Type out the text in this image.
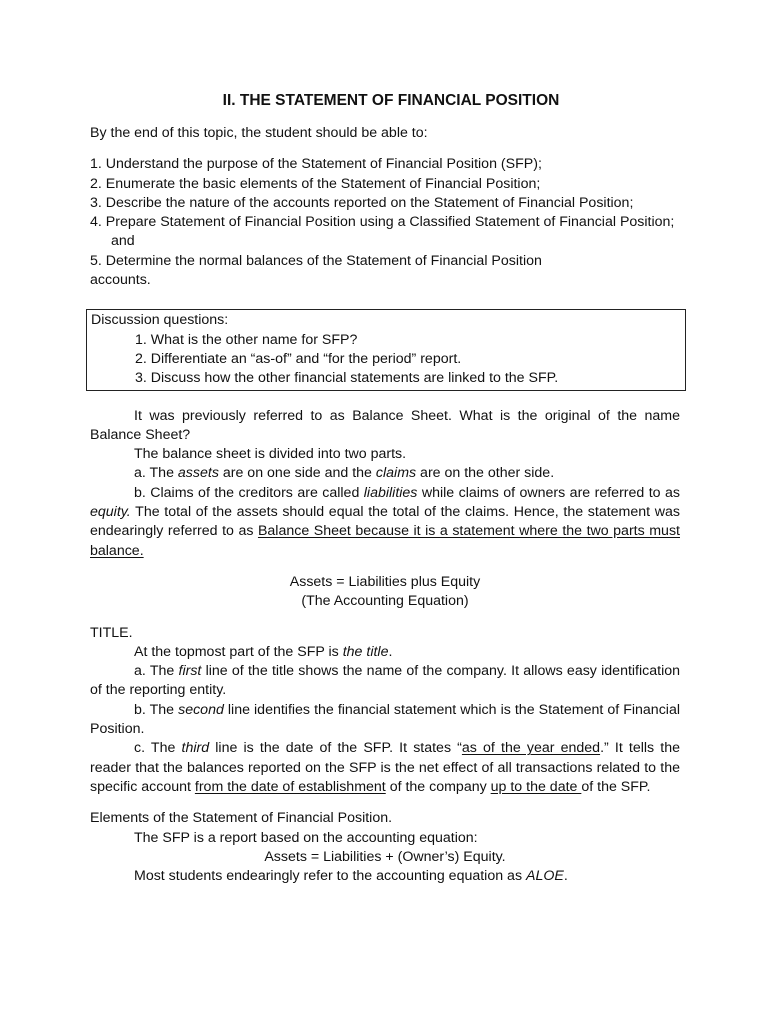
II. THE STATEMENT OF FINANCIAL POSITION

By the end of this topic, the student should be able to:

1. Understand the purpose of the Statement of Financial Position (SFP);
2. Enumerate the basic elements of the Statement of Financial Position;
3. Describe the nature of the accounts reported on the Statement of Financial Position;
4. Prepare Statement of Financial Position using a Classified Statement of Financial Position; and

5. Determine the normal balances of the Statement of Financial Position

accounts.

Discussion questions:
1. What is the other name for SFP?
2. Differentiate an “as-of” and “for the period” report.
3. Discuss how the other financial statements are linked to the SFP.

It was previously referred to as Balance Sheet. What is the original of the name Balance Sheet?

The balance sheet is divided into two parts.

a. The assets are on one side and the claims are on the other side.

b. Claims of the creditors are called liabilities while claims of owners are referred to as equity. The total of the assets should equal the total of the claims. Hence, the statement was endearingly referred to as Balance Sheet because it is a statement where the two parts must balance.

Assets = Liabilities plus Equity

(The Accounting Equation)

TITLE.

At the topmost part of the SFP is the title.

a. The first line of the title shows the name of the company. It allows easy identification of the reporting entity.

b. The second line identifies the financial statement which is the Statement of Financial Position.

c. The third line is the date of the SFP. It states “as of the year ended.” It tells the reader that the balances reported on the SFP is the net effect of all transactions related to the specific account from the date of establishment of the company up to the date of the SFP.

Elements of the Statement of Financial Position.

The SFP is a report based on the accounting equation:

Assets = Liabilities + (Owner’s) Equity.

Most students endearingly refer to the accounting equation as ALOE.
